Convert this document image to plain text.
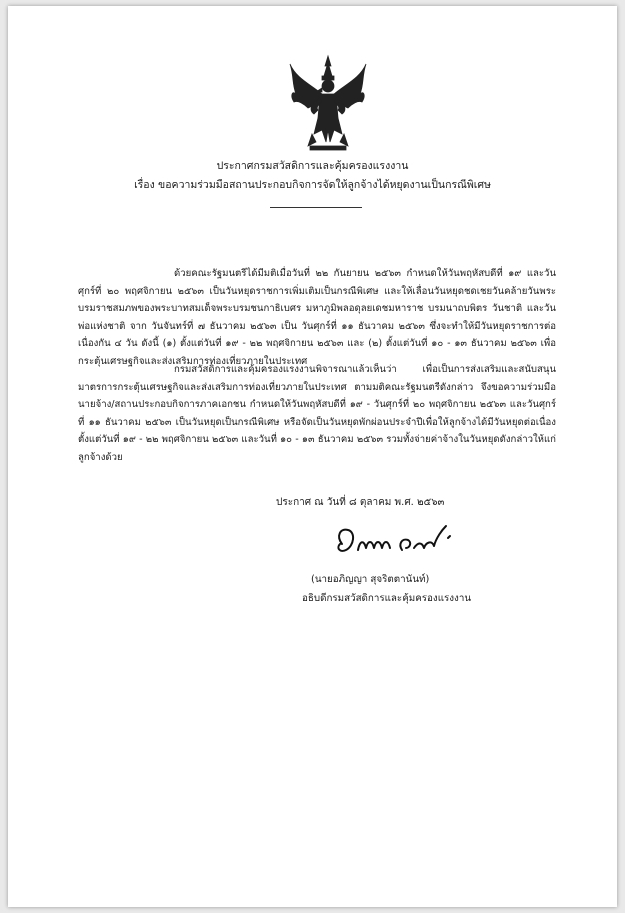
ประกาศกรมสวัสดิการและคุ้มครองแรงงาน
เรื่อง ขอความร่วมมือสถานประกอบกิจการจัดให้ลูกจ้างได้หยุดงานเป็นกรณีพิเศษ

ด้วยคณะรัฐมนตรีได้มีมติเมื่อวันที่ ๒๒ กันยายน ๒๕๖๓ กำหนดให้วันพฤหัสบดีที่ ๑๙ และวันศุกร์ที่ ๒๐ พฤศจิกายน ๒๕๖๓ เป็นวันหยุดราชการเพิ่มเติมเป็นกรณีพิเศษ และให้เลื่อนวันหยุดชดเชยวันคล้ายวันพระบรมราชสมภพของพระบาทสมเด็จพระบรมชนกาธิเบศร มหาภูมิพลอดุลยเดชมหาราช บรมนาถบพิตร วันชาติ และวันพ่อแห่งชาติ จาก วันจันทร์ที่ ๗ ธันวาคม ๒๕๖๓ เป็น วันศุกร์ที่ ๑๑ ธันวาคม ๒๕๖๓ ซึ่งจะทำให้มีวันหยุดราชการต่อเนื่องกัน ๔ วัน ดังนี้ (๑) ตั้งแต่วันที่ ๑๙ - ๒๒ พฤศจิกายน ๒๕๖๓ และ (๒) ตั้งแต่วันที่ ๑๐ - ๑๓ ธันวาคม ๒๕๖๓ เพื่อกระตุ้นเศรษฐกิจและส่งเสริมการท่องเที่ยวภายในประเทศ

กรมสวัสดิการและคุ้มครองแรงงานพิจารณาแล้วเห็นว่า เพื่อเป็นการส่งเสริมและสนับสนุนมาตรการกระตุ้นเศรษฐกิจและส่งเสริมการท่องเที่ยวภายในประเทศ ตามมติคณะรัฐมนตรีดังกล่าว จึงขอความร่วมมือนายจ้าง/สถานประกอบกิจการภาคเอกชน กำหนดให้วันพฤหัสบดีที่ ๑๙ - วันศุกร์ที่ ๒๐ พฤศจิกายน ๒๕๖๓ และวันศุกร์ที่ ๑๑ ธันวาคม ๒๕๖๓ เป็นวันหยุดเป็นกรณีพิเศษ หรือจัดเป็นวันหยุดพักผ่อนประจำปีเพื่อให้ลูกจ้างได้มีวันหยุดต่อเนื่องตั้งแต่วันที่ ๑๙ - ๒๒ พฤศจิกายน ๒๕๖๓ และวันที่ ๑๐ - ๑๓ ธันวาคม ๒๕๖๓ รวมทั้งจ่ายค่าจ้างในวันหยุดดังกล่าวให้แก่ลูกจ้างด้วย

ประกาศ ณ วันที่ ๘ ตุลาคม พ.ศ. ๒๕๖๓
(นายอภิญญา สุจริตตานันท์)
อธิบดีกรมสวัสดิการและคุ้มครองแรงงาน
